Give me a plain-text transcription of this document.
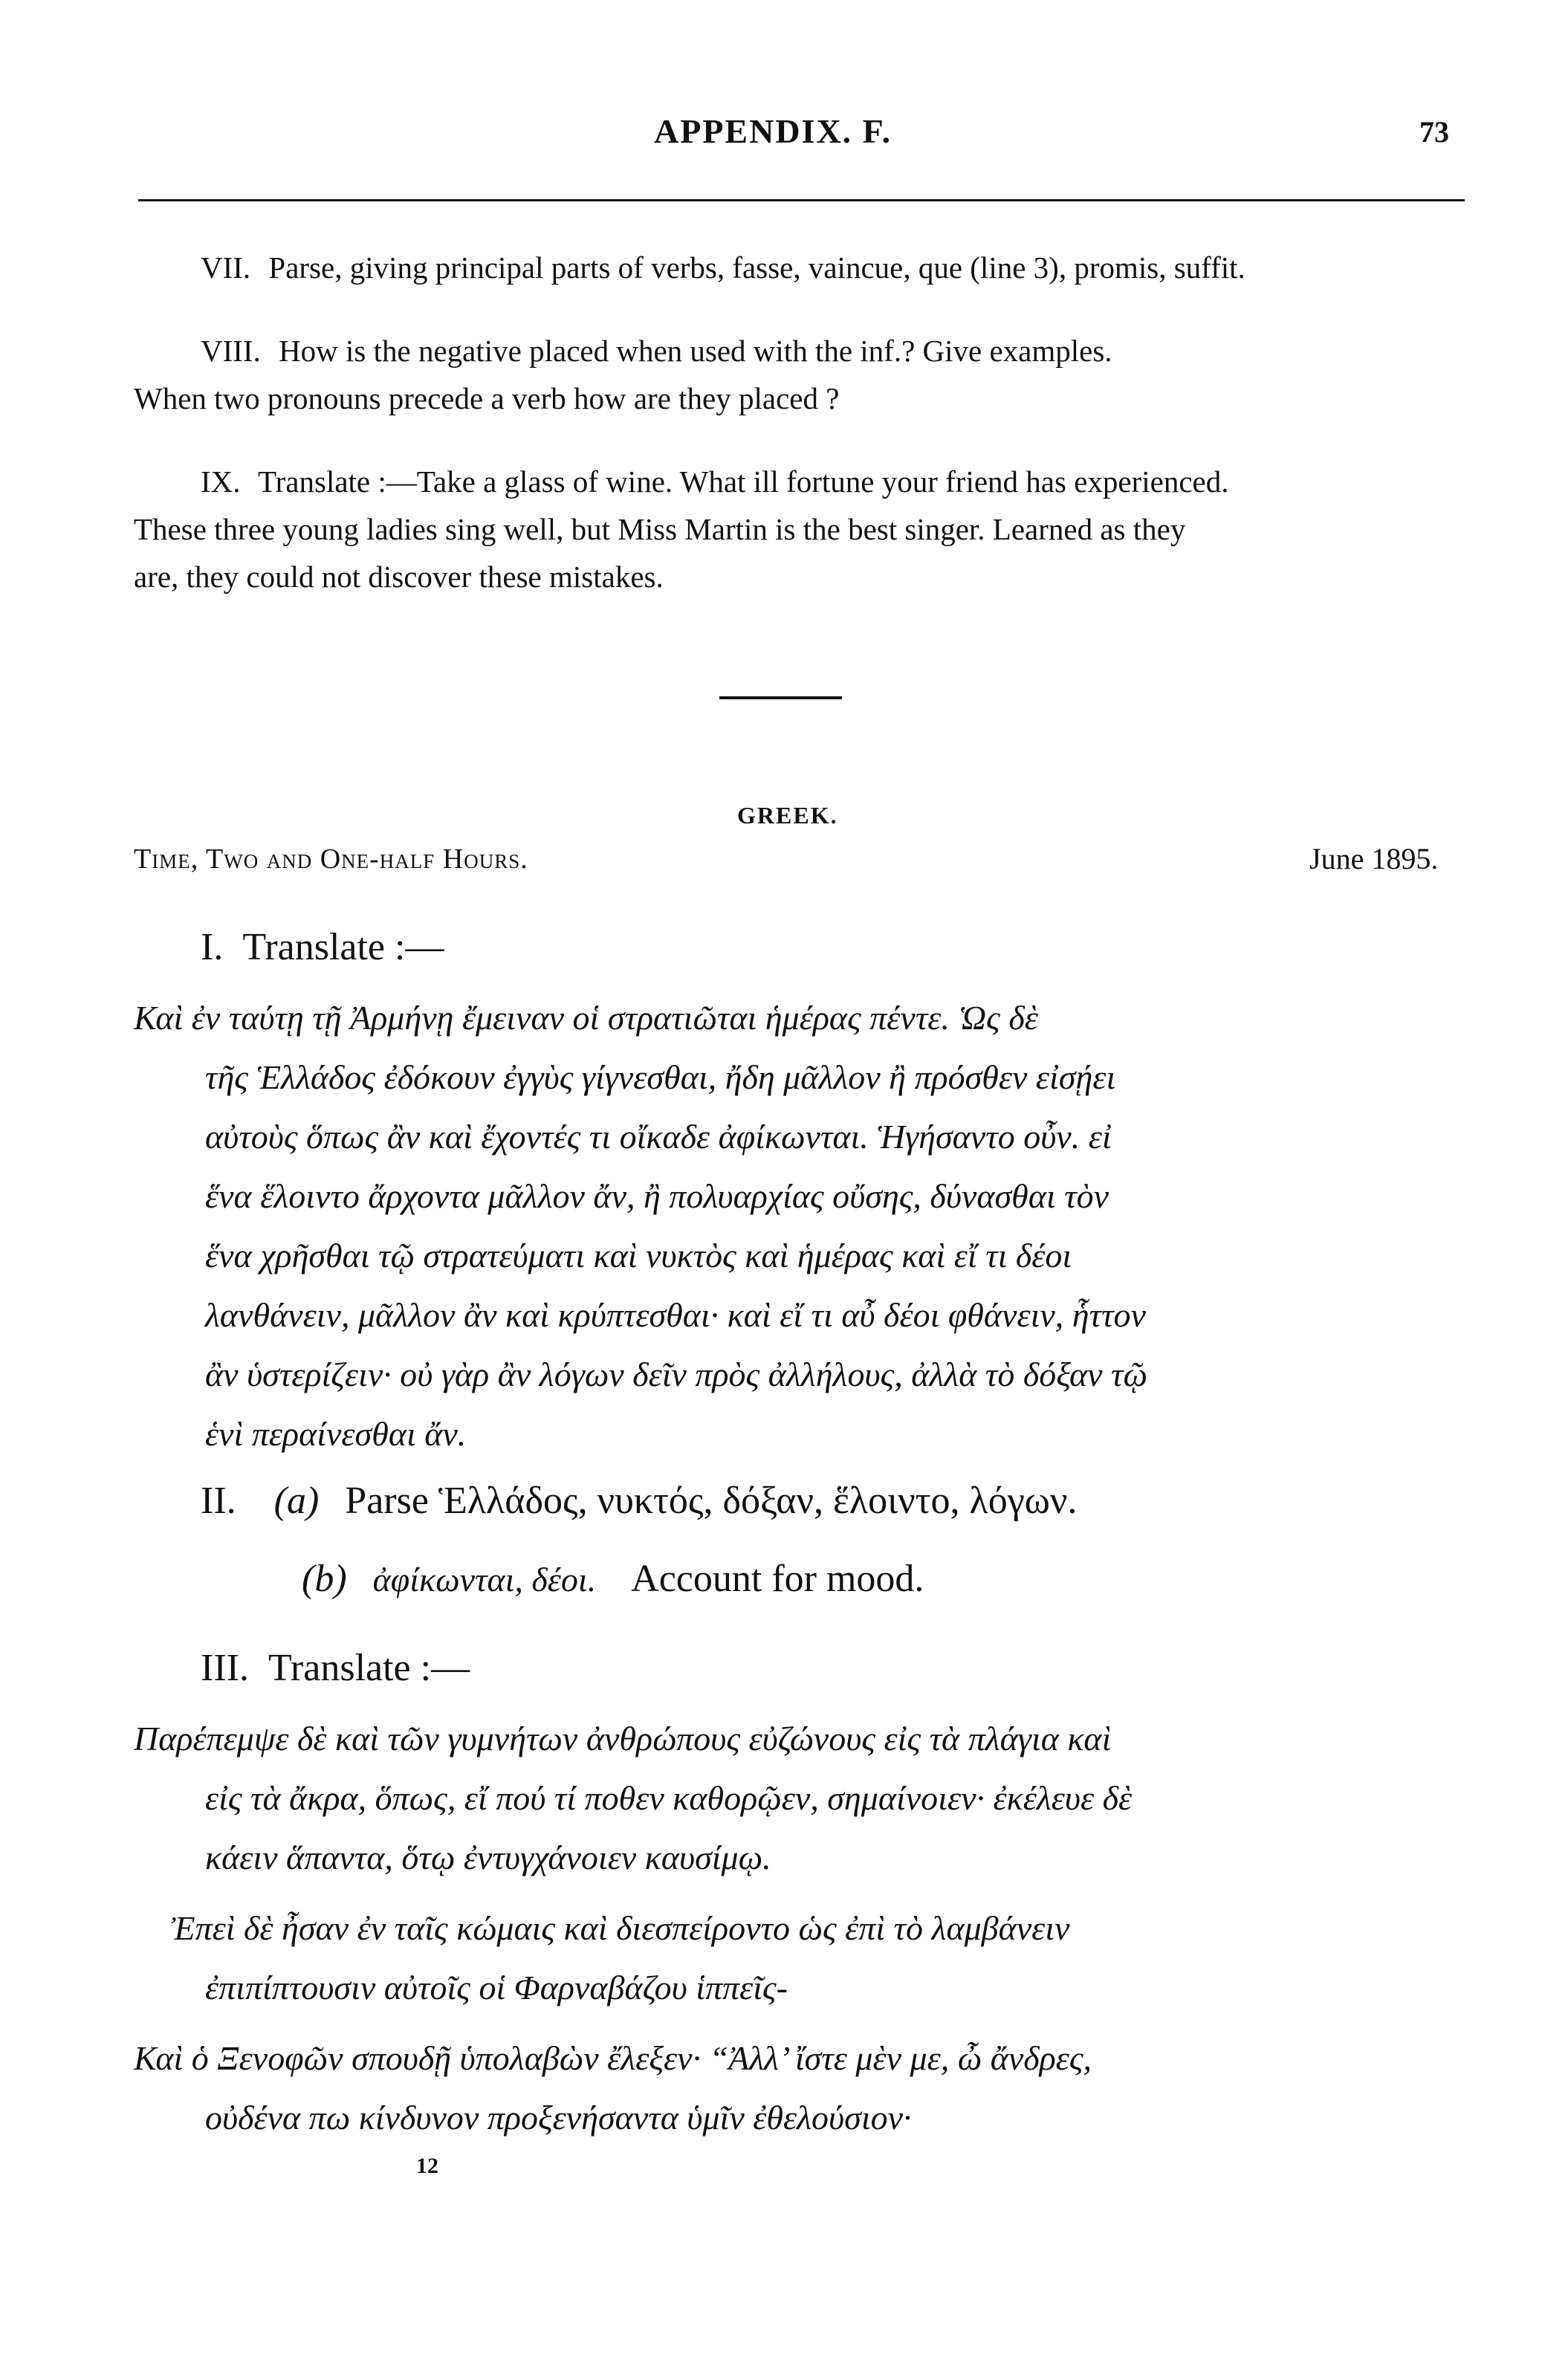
APPENDIX. F.	73
VII. Parse, giving principal parts of verbs, fasse, vaincue, que (line 3), promis, suffit.
VIII. How is the negative placed when used with the inf.? Give examples.
When two pronouns precede a verb how are they placed ?
IX. Translate :—Take a glass of wine. What ill fortune your friend has experienced.
These three young ladies sing well, but Miss Martin is the best singer. Learned as they
are, they could not discover these mistakes.
GREEK.
Time, Two and One-half Hours.	June 1895.
I. Translate :—
Καὶ ἐν ταύτῃ τῇ Ἀρμήνῃ ἔμειναν οἱ στρατιῶται ἡμέρας πέντε. Ὡς δὲ
τῆς Ἑλλάδος ἐδόκουν ἐγγὺς γίγνεσθαι, ἤδη μᾶλλον ἢ πρόσθεν εἰσῄει
αὐτοὺς ὅπως ἂν καὶ ἔχοντές τι οἴκαδε ἀφίκωνται. Ἡγήσαντο οὖν. εἰ
ἕνα ἕλοιντο ἄρχοντα μᾶλλον ἄν, ἢ πολυαρχίας οὔσης, δύνασθαι τὸν
ἕνα χρῆσθαι τῷ στρατεύματι καὶ νυκτὸς καὶ ἡμέρας καὶ εἴ τι δέοι
λανθάνειν, μᾶλλον ἂν καὶ κρύπτεσθαι· καὶ εἴ τι αὖ δέοι φθάνειν, ἧττον
ἂν ὑστερίζειν· οὐ γὰρ ἂν λόγων δεῖν πρὸς ἀλλήλους, ἀλλὰ τὸ δόξαν τῷ
ἑνὶ περαίνεσθαι ἄν.
II. (a) Parse Ἑλλάδος, νυκτός, δόξαν, ἕλοιντο, λόγων.
(b) ἀφίκωνται, δέοι. Account for mood.
III. Translate :—
Παρέπεμψε δὲ καὶ τῶν γυμνήτων ἀνθρώπους εὐζώνους εἰς τὰ πλάγια καὶ
εἰς τὰ ἄκρα, ὅπως, εἴ πού τί ποθεν καθορῷεν, σημαίνοιεν· ἐκέλευε δὲ
κάειν ἅπαντα, ὅτῳ ἐντυγχάνοιεν καυσίμῳ.
Ἐπεὶ δὲ ἦσαν ἐν ταῖς κώμαις καὶ διεσπείροντο ὡς ἐπὶ τὸ λαμβάνειν
ἐπιπίπτουσιν αὐτοῖς οἱ Φαρναβάζου ἱππεῖς-
Καὶ ὁ Ξενοφῶν σπουδῇ ὑπολαβὼν ἔλεξεν· “Ἀλλ’ ἴστε μὲν με, ὦ ἄνδρες,
οὐδένα πω κίνδυνον προξενήσαντα ὑμῖν ἐθελούσιον·
12
